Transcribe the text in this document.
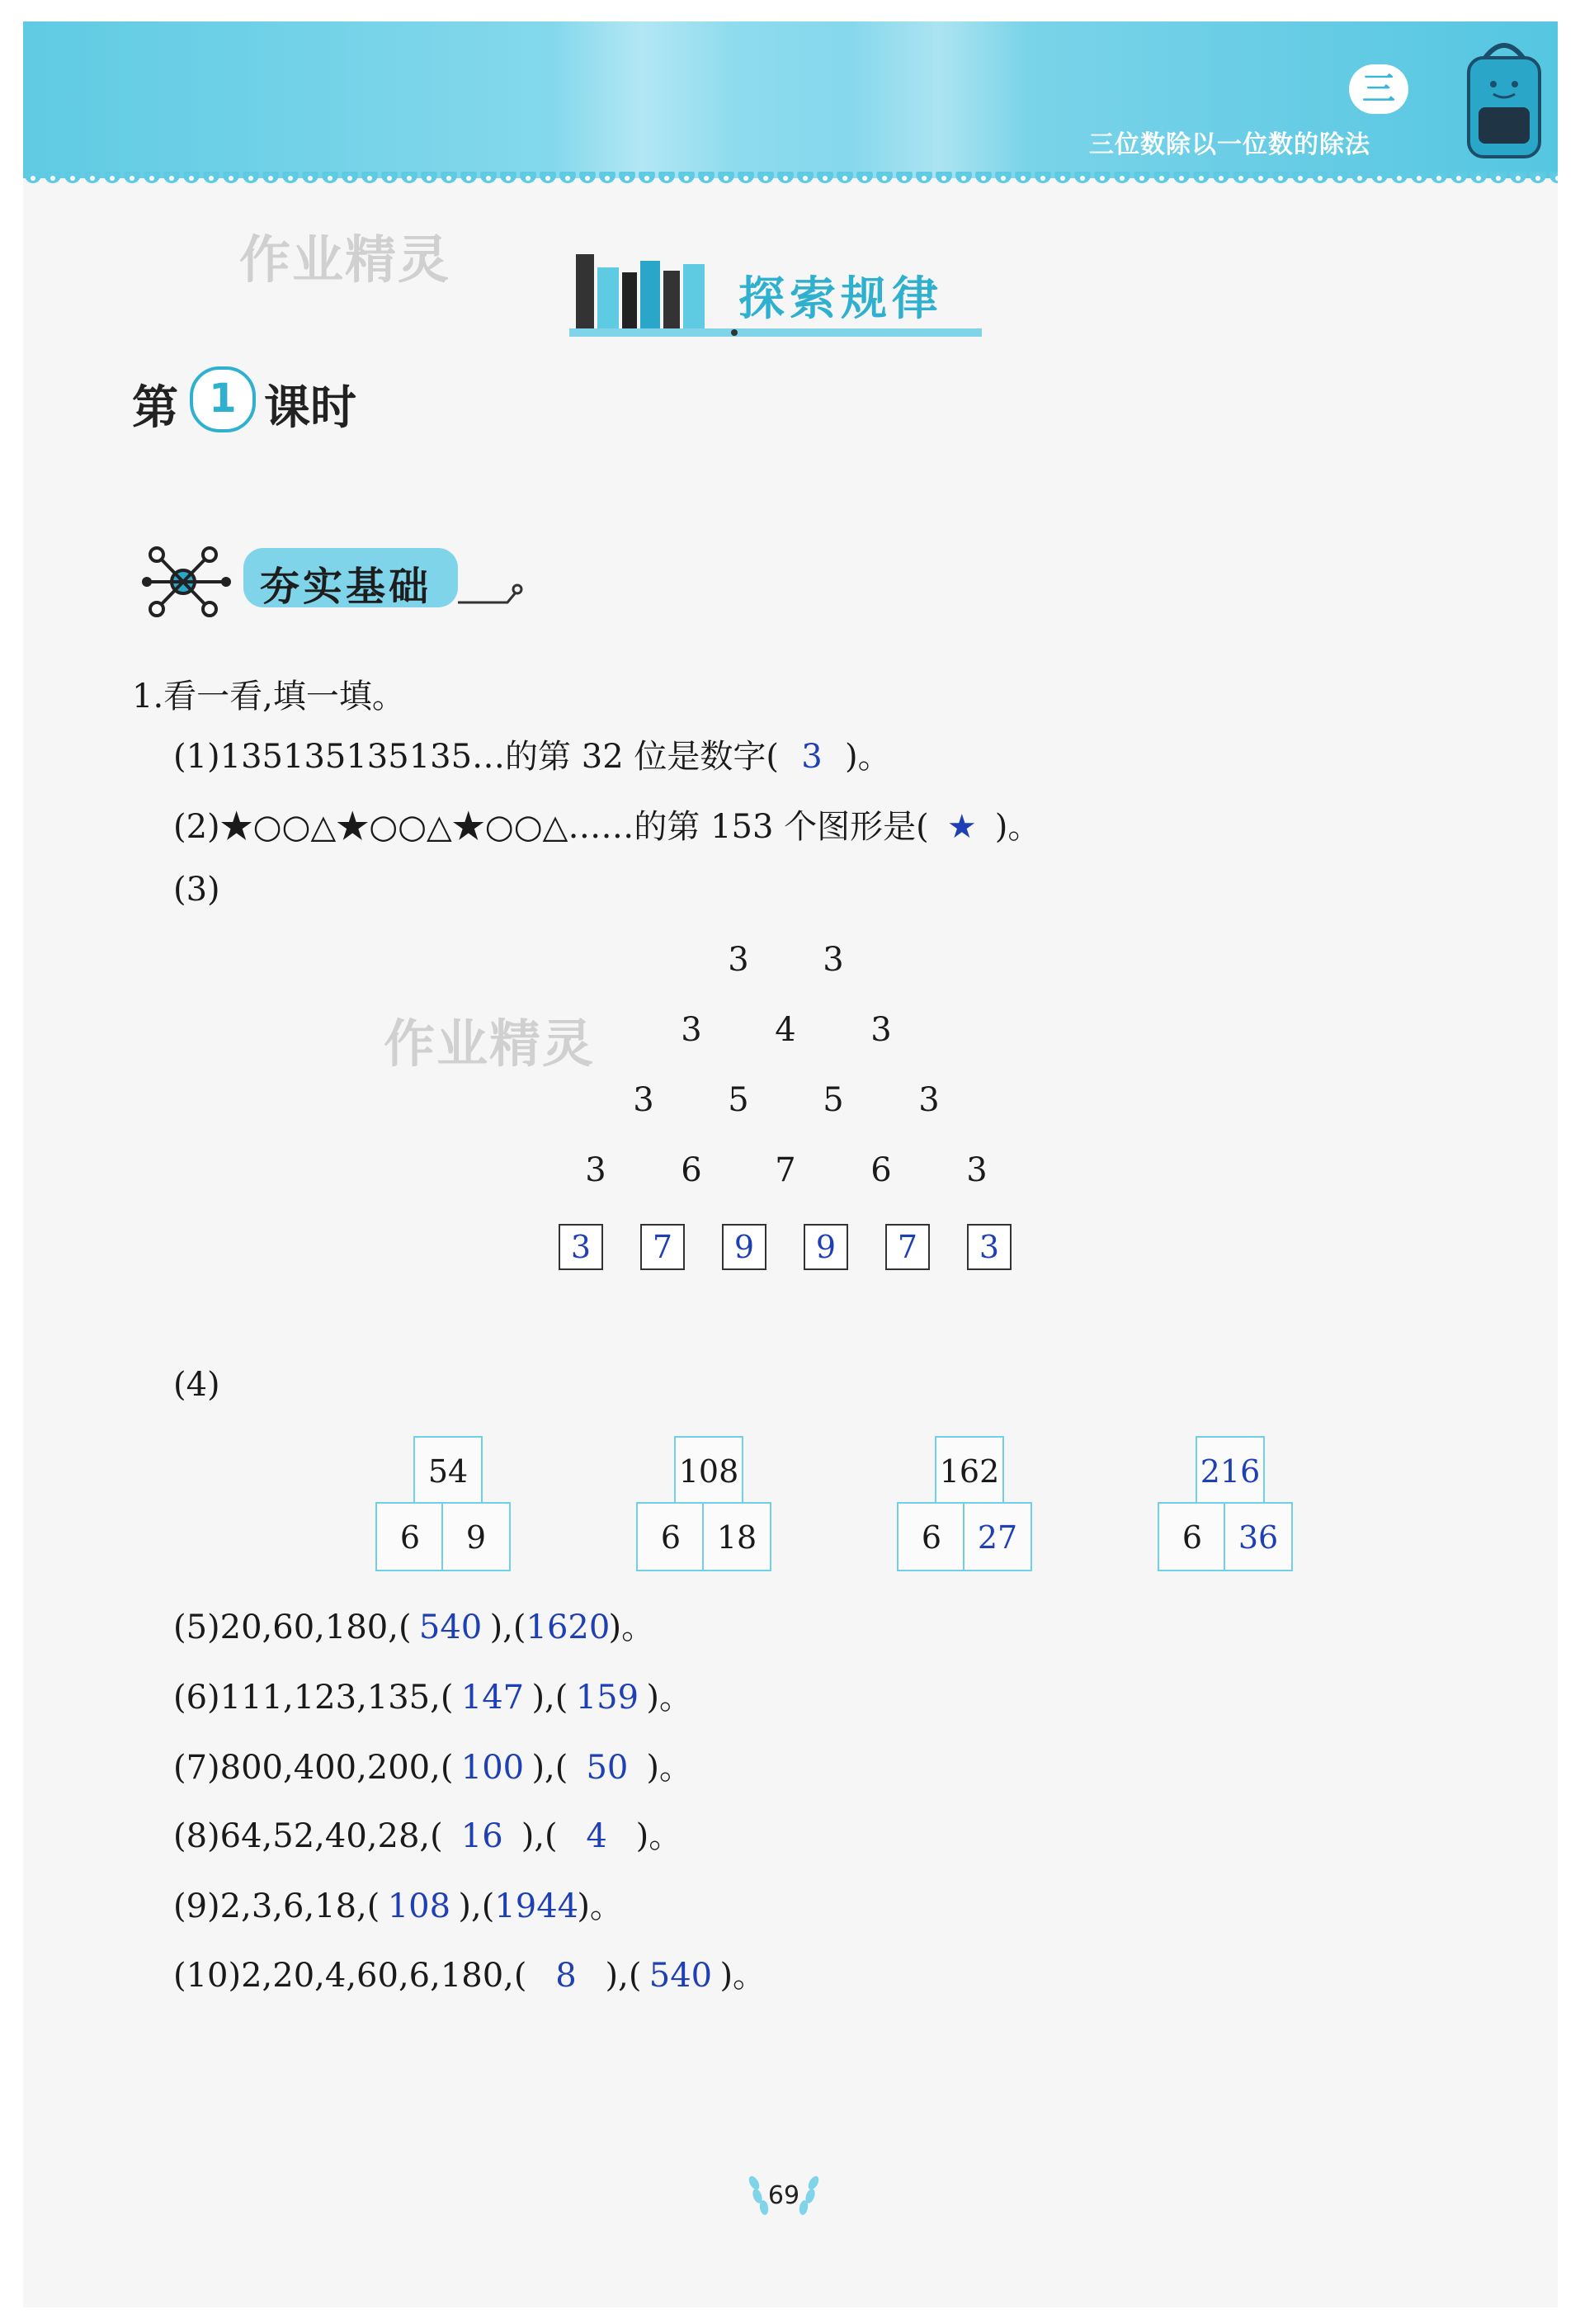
三
三位数除以一位数的除法
作业精灵
作业精灵
探索规律
第 1 课时
夯实基础
1.看一看,填一填。
(1)135135135135…的第 32 位是数字( 3 )。
(2)★○○△★○○△★○○△……的第 153 个图形是( ★ )。
(3)
3 3
3 4 3
3 5 5 3
3 6 7 6 3
3	7	9	9	7	3
(4)
54
6	9
108
6	18
162
6	27
216
6	36
(5)20,60,180,( 540 ),(1620)。
(6)111,123,135,( 147 ),( 159 )。
(7)800,400,200,( 100 ),( 50 )。
(8)64,52,40,28,( 16 ),( 4 )。
(9)2,3,6,18,( 108 ),(1944)。
(10)2,20,4,60,6,180,( 8 ),( 540 )。
69
